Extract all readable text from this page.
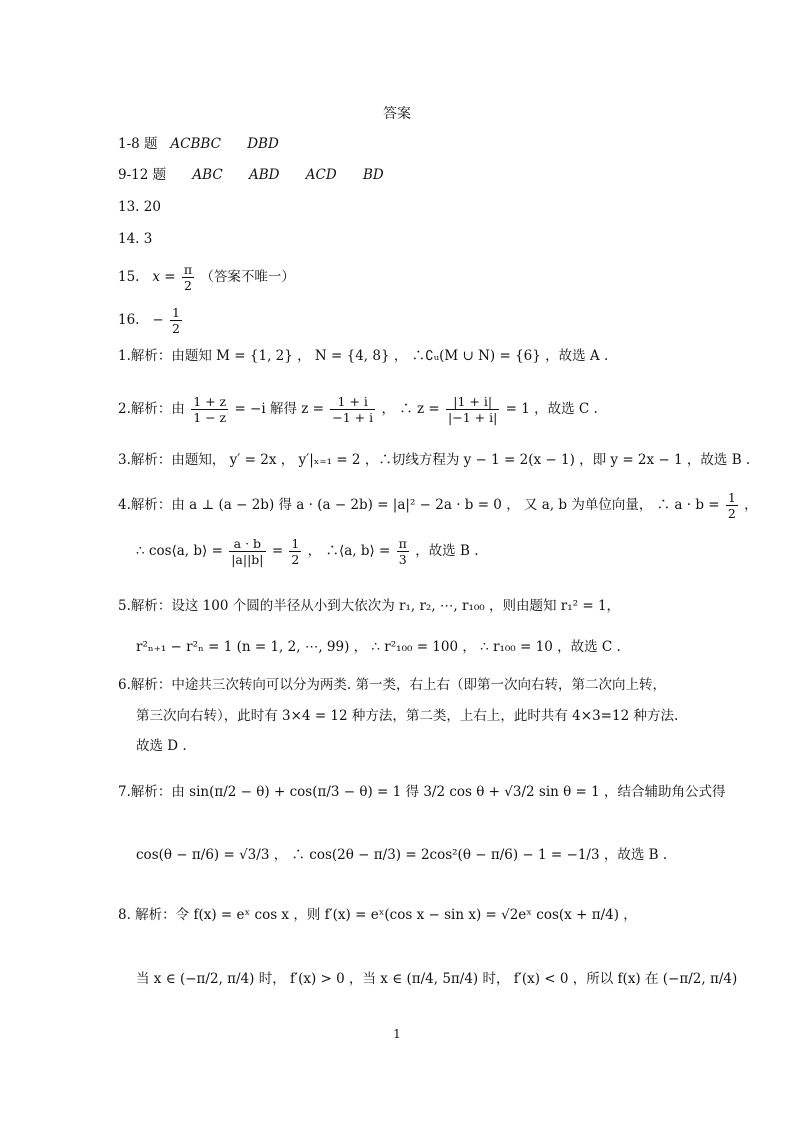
答案
1-8 题 ACBBC DBD
9-12 题 ABC ABD ACD BD
13. 20
14. 3
15. $x = \frac{\pi}{2}$ （答案不唯一）
16. − $\frac{1}{2}$
1.解析：由题知 M = {1, 2} ， N = {4, 8} ， ∴∁ᵤ(M ∪ N) = {6} ，故选 A .
2.解析：由 $\frac{1 + z}{1 - z} = -i$ 解得 $z = \frac{1 + i}{-1 + i}$ ， ∴ $z = \frac{|1 + i|}{|-1 + i|} = 1$ ，故选 C .
3.解析：由题知， y′ = 2x ， y′|ₓ₌₁ = 2 ，∴切线方程为 y − 1 = 2(x − 1) ，即 y = 2x − 1 ，故选 B .
4.解析：由 a ⊥ (a − 2b) 得 a · (a − 2b) = |a|² − 2a · b = 0 ， 又 a, b 为单位向量， ∴ $a \cdot b = \frac{1}{2}$ ，
∴ cos⟨a, b⟩ = $\frac{a \cdot b}{|a||b|} = \frac{1}{2}$ ， ∴⟨a, b⟩ = $\frac{\pi}{3}$ ，故选 B .
5.解析：设这 100 个圆的半径从小到大依次为 r₁, r₂, ⋯, r₁₀₀ ，则由题知 r₁² = 1，
r²ₙ₊₁ − r²ₙ = 1 (n = 1, 2, ⋯, 99) ， ∴ r²₁₀₀ = 100 ， ∴ r₁₀₀ = 10 ，故选 C .
6.解析：中途共三次转向可以分为两类. 第一类，右上右（即第一次向右转，第二次向上转，
第三次向右转），此时有 3×4 = 12 种方法，第二类，上右上，此时共有 4×3=12 种方法.
故选 D .
7.解析：由 sin(π/2 − θ) + cos(π/3 − θ) = 1 得 3/2 cos θ + √3/2 sin θ = 1 ，结合辅助角公式得
cos(θ − π/6) = √3/3 ， ∴ cos(2θ − π/3) = 2cos²(θ − π/6) − 1 = −1/3 ，故选 B .
8. 解析：令 f(x) = eˣ cos x ，则 f′(x) = eˣ(cos x − sin x) = √2eˣ cos(x + π/4) ，
当 x ∈ (−π/2, π/4) 时， f′(x) > 0 ，当 x ∈ (π/4, 5π/4) 时， f′(x) < 0 ，所以 f(x) 在 (−π/2, π/4)
1
